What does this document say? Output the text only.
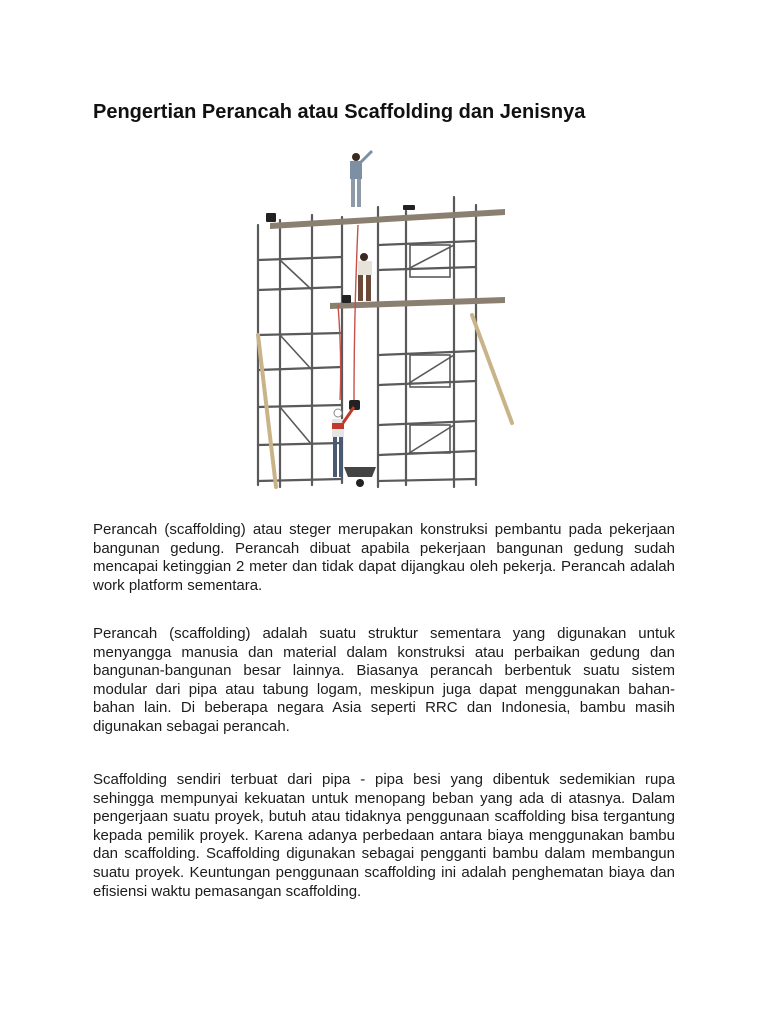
Pengertian Perancah atau Scaffolding dan Jenisnya

Perancah (scaffolding) atau steger merupakan konstruksi pembantu pada pekerjaan bangunan gedung. Perancah dibuat apabila pekerjaan bangunan gedung sudah mencapai ketinggian 2 meter dan tidak dapat dijangkau oleh pekerja. Perancah adalah work platform sementara.

Perancah (scaffolding) adalah suatu struktur sementara yang digunakan untuk menyangga manusia dan material dalam konstruksi atau perbaikan gedung dan bangunan-bangunan besar lainnya. Biasanya perancah berbentuk suatu sistem modular dari pipa atau tabung logam, meskipun juga dapat menggunakan bahan-bahan lain. Di beberapa negara Asia seperti RRC dan Indonesia, bambu masih digunakan sebagai perancah.

Scaffolding sendiri terbuat dari pipa - pipa besi yang dibentuk sedemikian rupa sehingga mempunyai kekuatan untuk menopang beban yang ada di atasnya. Dalam pengerjaan suatu proyek, butuh atau tidaknya penggunaan scaffolding bisa tergantung kepada pemilik proyek. Karena adanya perbedaan antara biaya menggunakan bambu dan scaffolding. Scaffolding digunakan sebagai pengganti bambu dalam membangun suatu proyek. Keuntungan penggunaan scaffolding ini adalah penghematan biaya dan efisiensi waktu pemasangan scaffolding.
